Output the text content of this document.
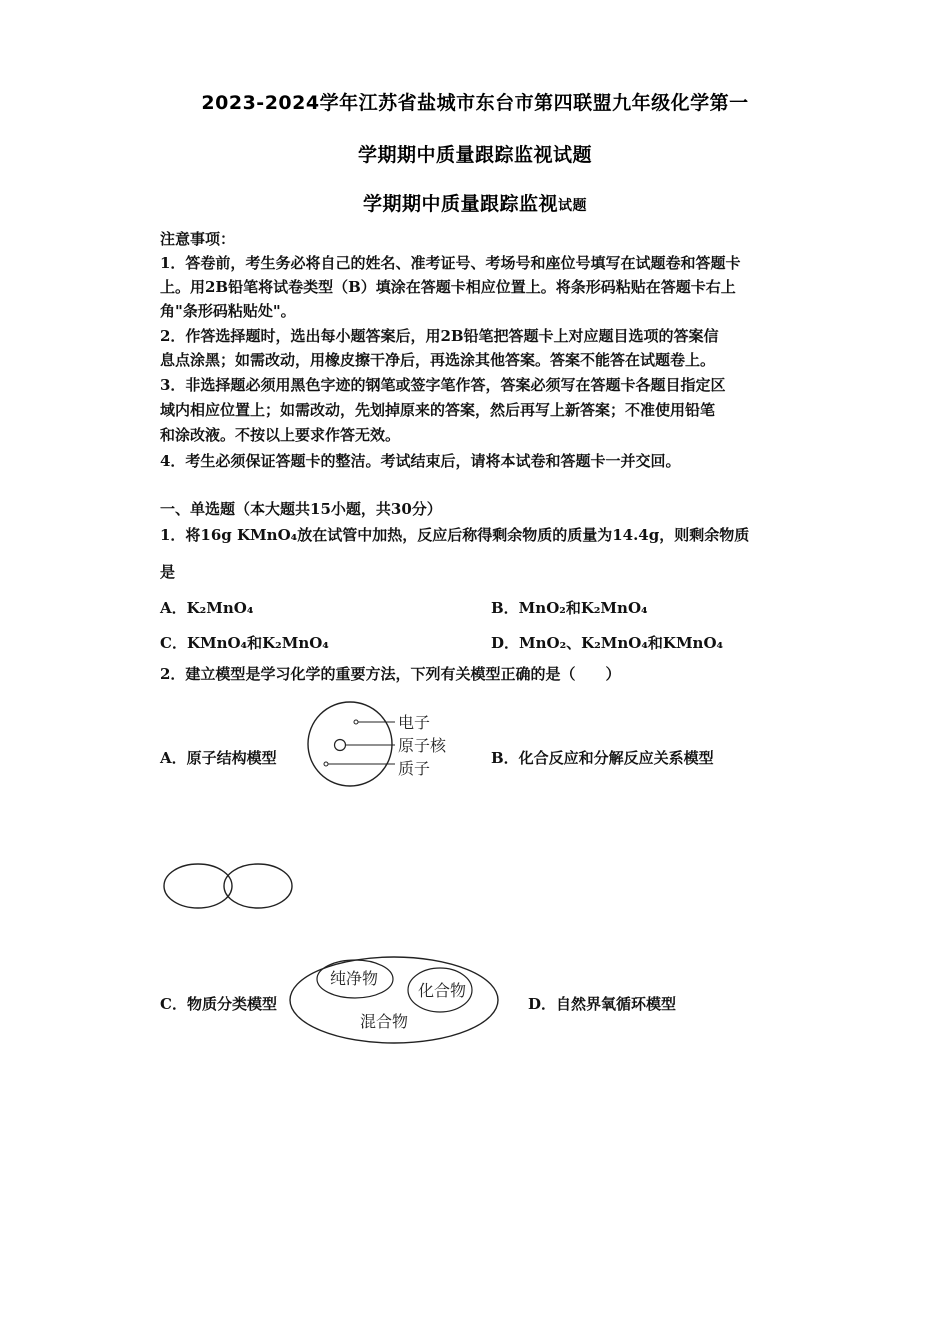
2023-2024学年江苏省盐城市东台市第四联盟九年级化学第一
学期期中质量跟踪监视试题
学期期中质量跟踪监视试题
注意事项：
1．答卷前，考生务必将自己的姓名、准考证号、考场号和座位号填写在试题卷和答题卡
上。用2B铅笔将试卷类型（B）填涂在答题卡相应位置上。将条形码粘贴在答题卡右上
角"条形码粘贴处"。
2．作答选择题时，选出每小题答案后，用2B铅笔把答题卡上对应题目选项的答案信
息点涂黑；如需改动，用橡皮擦干净后，再选涂其他答案。答案不能答在试题卷上。
3．非选择题必须用黑色字迹的钢笔或签字笔作答，答案必须写在答题卡各题目指定区
域内相应位置上；如需改动，先划掉原来的答案，然后再写上新答案；不准使用铅笔
和涂改液。不按以上要求作答无效。
4．考生必须保证答题卡的整洁。考试结束后，请将本试卷和答题卡一并交回。
一、单选题（本大题共15小题，共30分）
1．将16g KMnO₄放在试管中加热，反应后称得剩余物质的质量为14.4g，则剩余物质
是
A．K₂MnO₄	B．MnO₂和K₂MnO₄
C．KMnO₄和K₂MnO₄	D．MnO₂、K₂MnO₄和KMnO₄
2．建立模型是学习化学的重要方法，下列有关模型正确的是（　　）
A．原子结构模型
电子
原子核
质子
B．化合反应和分解反应关系模型
C．物质分类模型
纯净物
化合物
混合物
D．自然界氧循环模型
